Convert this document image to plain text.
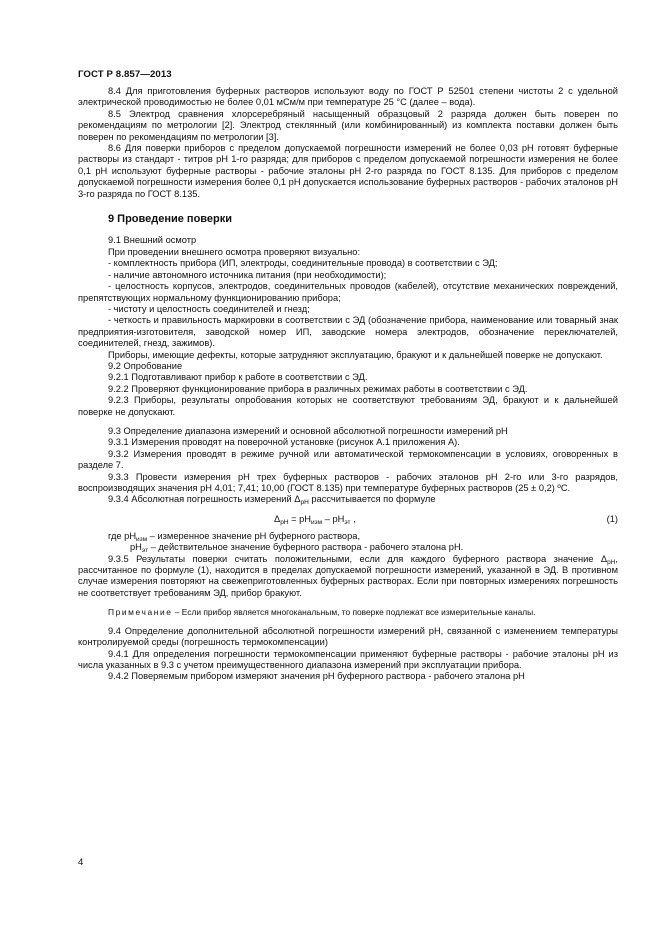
ГОСТ Р 8.857—2013

8.4 Для приготовления буферных растворов используют воду по ГОСТ Р 52501 степени чистоты 2 с удельной электрической проводимостью не более 0,01 мСм/м при температуре 25 °С (далее – вода).

8.5 Электрод сравнения хлорсеребряный насыщенный образцовый 2 разряда должен быть поверен по рекомендациям по метрологии [2]. Электрод стеклянный (или комбинированный) из комплекта поставки должен быть поверен по рекомендациям по метрологии [3].

8.6 Для поверки приборов с пределом допускаемой погрешности измерений не более 0,03 pH готовят буферные растворы из стандарт - титров pH 1-го разряда; для приборов с пределом допускаемой погрешности измерения не более 0,1 pH используют буферные растворы - рабочие эталоны pH 2-го разряда по ГОСТ 8.135. Для приборов с пределом допускаемой погрешности измерения более 0,1 pH допускается использование буферных растворов - рабочих эталонов pH 3-го разряда по ГОСТ 8.135.

9 Проведение поверки

9.1 Внешний осмотр

При проведении внешнего осмотра проверяют визуально:

- комплектность прибора (ИП, электроды, соединительные провода) в соответствии с ЭД;

- наличие автономного источника питания (при необходимости);

- целостность корпусов, электродов, соединительных проводов (кабелей), отсутствие механических повреждений, препятствующих нормальному функционированию прибора;

- чистоту и целостность соединителей и гнезд;

- четкость и правильность маркировки в соответствии с ЭД (обозначение прибора, наименование или товарный знак предприятия-изготовителя, заводской номер ИП, заводские номера электродов, обозначение переключателей, соединителей, гнезд, зажимов).

Приборы, имеющие дефекты, которые затрудняют эксплуатацию, бракуют и к дальнейшей поверке не допускают.

9.2 Опробование

9.2.1 Подготавливают прибор к работе в соответствии с ЭД.

9.2.2 Проверяют функционирование прибора в различных режимах работы в соответствии с ЭД.

9.2.3 Приборы, результаты опробования которых не соответствуют требованиям ЭД, бракуют и к дальнейшей поверке не допускают.

9.3 Определение диапазона измерений и основной абсолютной погрешности измерений pH

9.3.1 Измерения проводят на поверочной установке (рисунок А.1 приложения А).

9.3.2 Измерения проводят в режиме ручной или автоматической термокомпенсации в условиях, оговоренных в разделе 7.

9.3.3 Провести измерения pH трех буферных растворов - рабочих эталонов pH 2-го или 3-го разрядов, воспроизводящих значения pH 4,01; 7,41; 10,00 (ГОСТ 8.135) при температуре буферных растворов (25 ± 0,2) ºС.

9.3.4 Абсолютная погрешность измерений $\Delta_{pH}$ рассчитывается по формуле

$\Delta_{pH} = pH_{изм} - pH_{эт}$ ,	(1)

где $pH_{изм}$ – измеренное значение pH буферного раствора,

$pH_{эт}$ – действительное значение буферного раствора - рабочего эталона pH.

9.3.5 Результаты поверки считать положительными, если для каждого буферного раствора значение $\Delta_{pH}$, рассчитанное по формуле (1), находится в пределах допускаемой погрешности измерений, указанной в ЭД. В противном случае измерения повторяют на свежеприготовленных буферных растворах. Если при повторных измерениях погрешность не соответствует требованиям ЭД, прибор бракуют.

Примечание – Если прибор является многоканальным, то поверке подлежат все измерительные каналы.

9.4 Определение дополнительной абсолютной погрешности измерений pH, связанной с изменением температуры контролируемой среды (погрешность термокомпенсации)

9.4.1 Для определения погрешности термокомпенсации применяют буферные растворы - рабочие эталоны pH из числа указанных в 9.3 с учетом преимущественного диапазона измерений при эксплуатации прибора.

9.4.2 Поверяемым прибором измеряют значения pH буферного раствора - рабочего эталона pH

4
